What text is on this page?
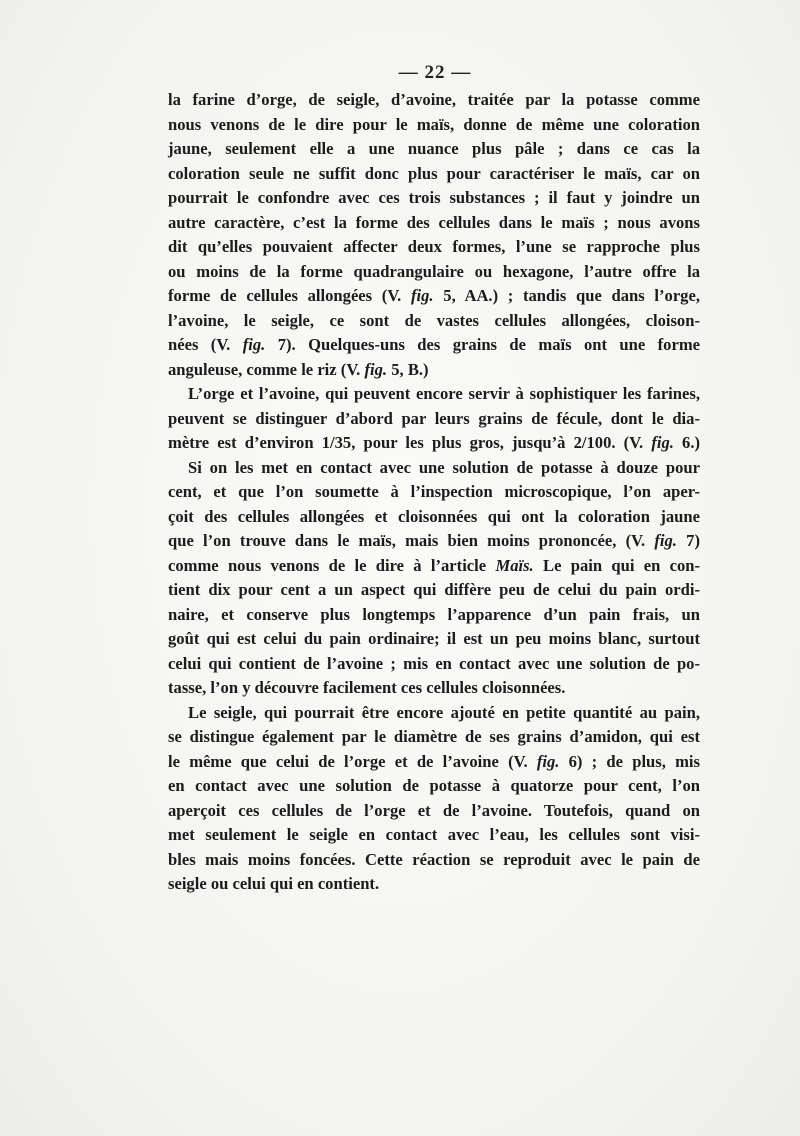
— 22 —
la farine d’orge, de seigle, d’avoine, traitée par la potasse comme
nous venons de le dire pour le maïs, donne de même une coloration
jaune, seulement elle a une nuance plus pâle ; dans ce cas la
coloration seule ne suffit donc plus pour caractériser le maïs, car on
pourrait le confondre avec ces trois substances ; il faut y joindre un
autre caractère, c’est la forme des cellules dans le maïs ; nous avons
dit qu’elles pouvaient affecter deux formes, l’une se rapproche plus
ou moins de la forme quadrangulaire ou hexagone, l’autre offre la
forme de cellules allongées (V. fig. 5, AA.) ; tandis que dans l’orge,
l’avoine, le seigle, ce sont de vastes cellules allongées, cloison-
nées (V. fig. 7). Quelques-uns des grains de maïs ont une forme
anguleuse, comme le riz (V. fig. 5, B.)
L’orge et l’avoine, qui peuvent encore servir à sophistiquer les farines,
peuvent se distinguer d’abord par leurs grains de fécule, dont le dia-
mètre est d’environ 1/35, pour les plus gros, jusqu’à 2/100. (V. fig. 6.)
Si on les met en contact avec une solution de potasse à douze pour
cent, et que l’on soumette à l’inspection microscopique, l’on aper-
çoit des cellules allongées et cloisonnées qui ont la coloration jaune
que l’on trouve dans le maïs, mais bien moins prononcée, (V. fig. 7)
comme nous venons de le dire à l’article Maïs. Le pain qui en con-
tient dix pour cent a un aspect qui diffère peu de celui du pain ordi-
naire, et conserve plus longtemps l’apparence d’un pain frais, un
goût qui est celui du pain ordinaire; il est un peu moins blanc, surtout
celui qui contient de l’avoine ; mis en contact avec une solution de po-
tasse, l’on y découvre facilement ces cellules cloisonnées.
Le seigle, qui pourrait être encore ajouté en petite quantité au pain,
se distingue également par le diamètre de ses grains d’amidon, qui est
le même que celui de l’orge et de l’avoine (V. fig. 6) ; de plus, mis
en contact avec une solution de potasse à quatorze pour cent, l’on
aperçoit ces cellules de l’orge et de l’avoine. Toutefois, quand on
met seulement le seigle en contact avec l’eau, les cellules sont visi-
bles mais moins foncées. Cette réaction se reproduit avec le pain de
seigle ou celui qui en contient.
